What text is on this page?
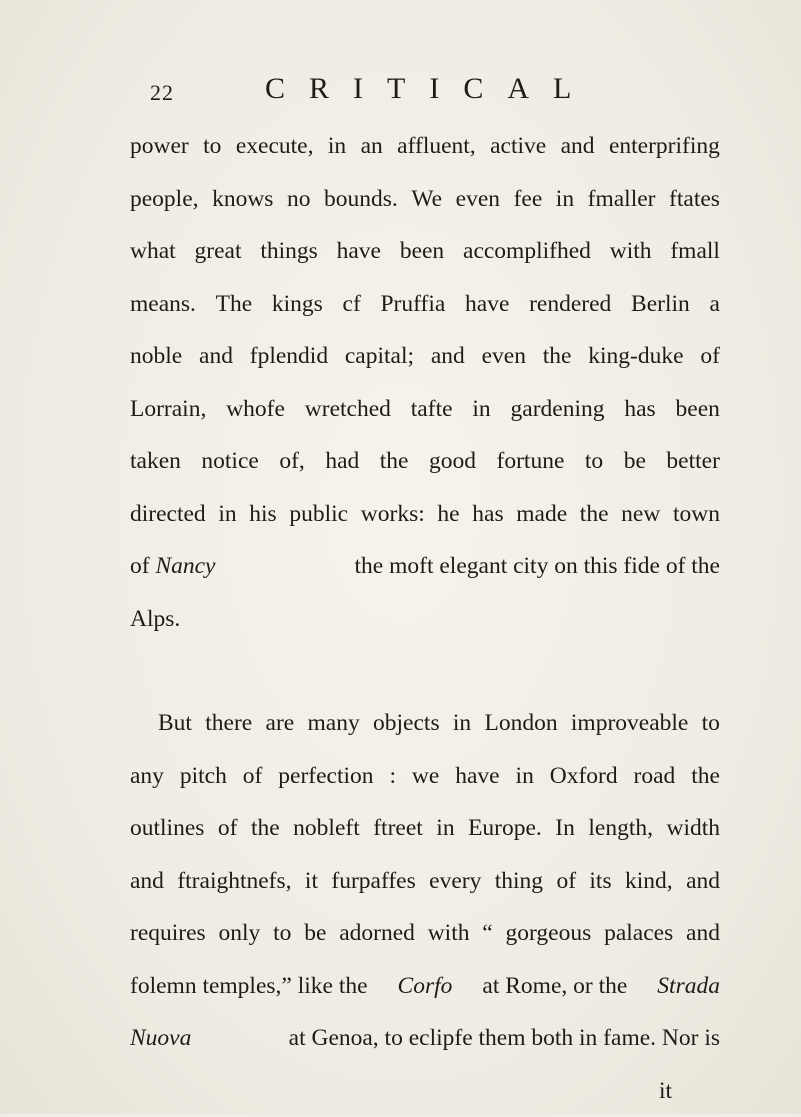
22	CRITICAL
power to execute, in an affluent, active and enterprifing
people, knows no bounds. We even fee in fmaller ftates
what great things have been accomplifhed with fmall
means. The kings cf Pruffia have rendered Berlin a
noble and fplendid capital; and even the king-duke of
Lorrain, whofe wretched tafte in gardening has been
taken notice of, had the good fortune to be better
directed in his public works: he has made the new town
of Nancy	the moft elegant city on this fide of the
Alps.
But there are many objects in London improveable to
any pitch of perfection : we have in Oxford road the
outlines of the nobleft ftreet in Europe. In length, width
and ftraightnefs, it furpaffes every thing of its kind, and
requires only to be adorned with “ gorgeous palaces and
folemn temples,” like the Corfo at Rome, or the Strada
Nuova	at Genoa, to eclipfe them both in fame. Nor is
it
